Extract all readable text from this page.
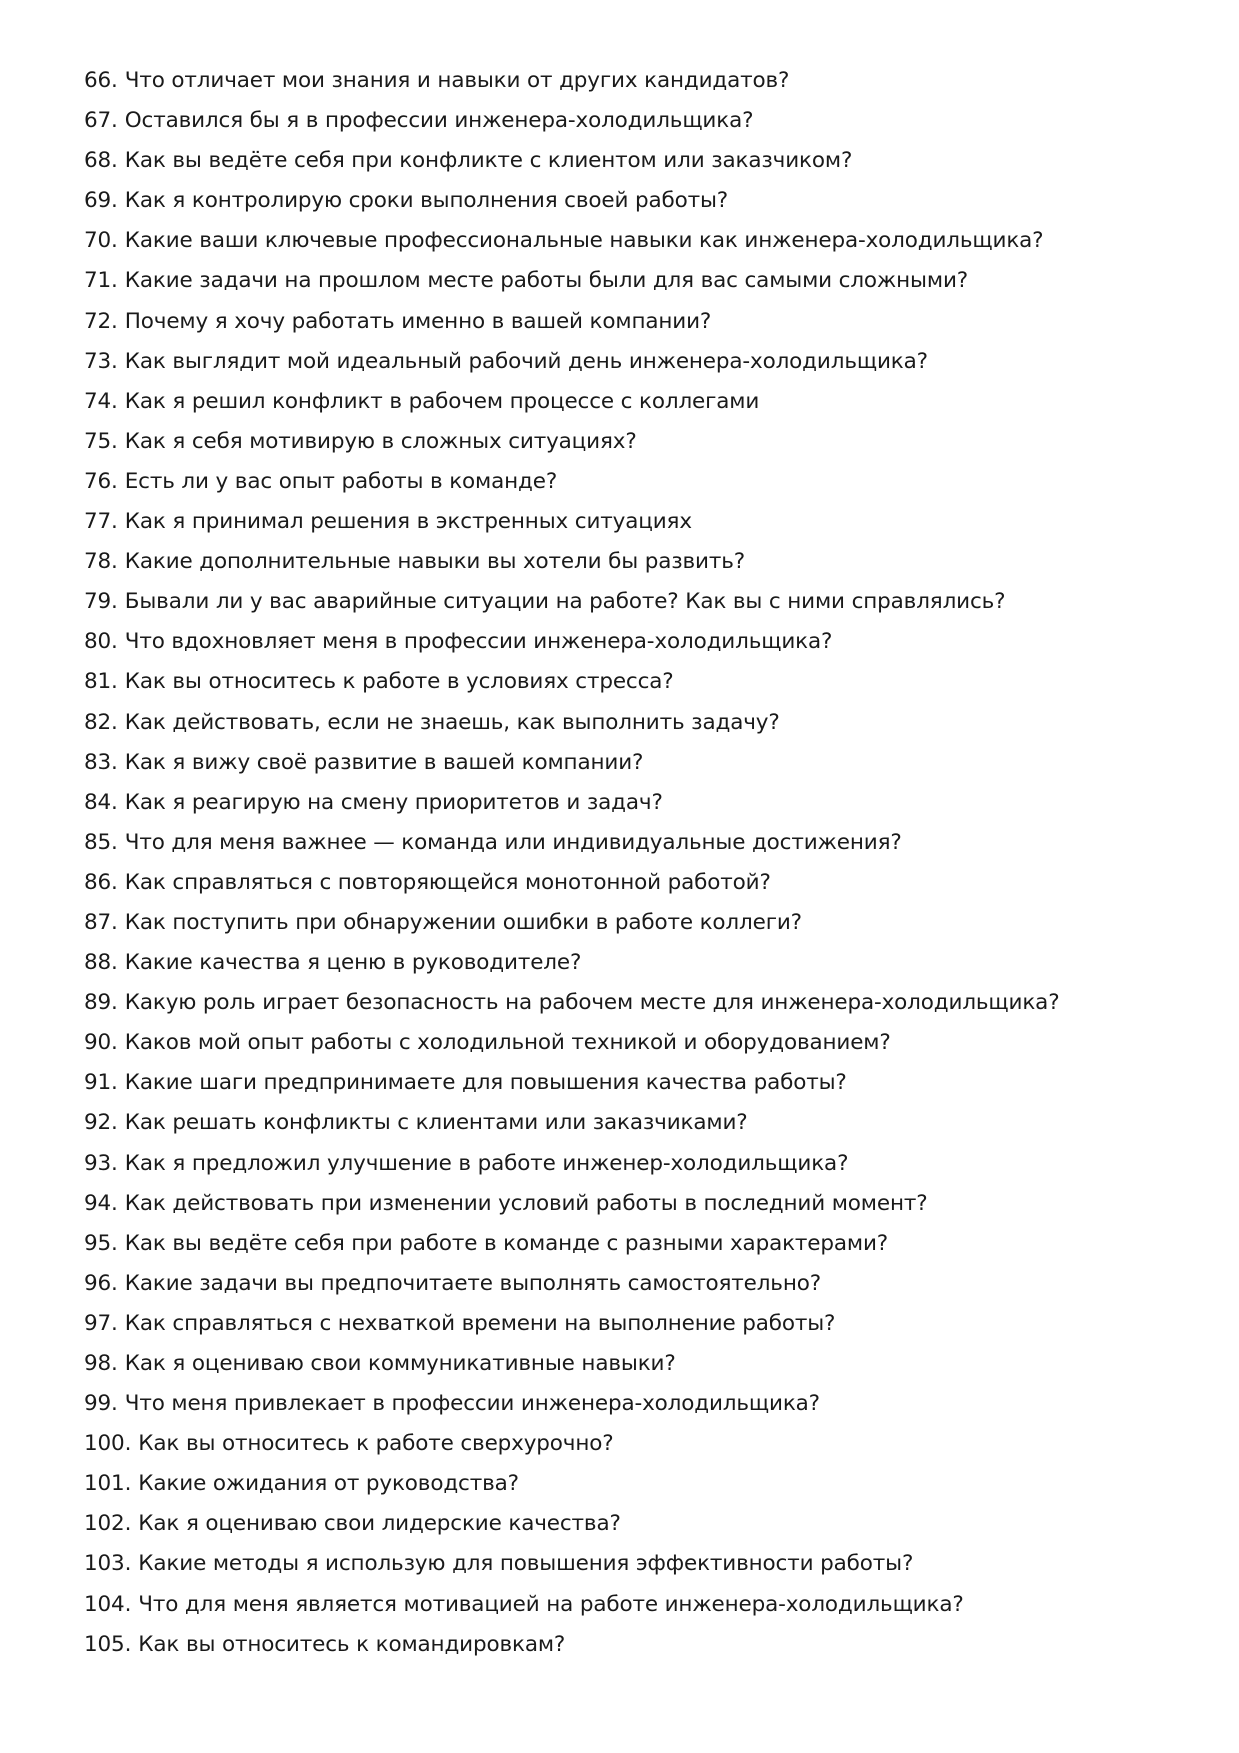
66. Что отличает мои знания и навыки от других кандидатов?
67. Оставился бы я в профессии инженера-холодильщика?
68. Как вы ведёте себя при конфликте с клиентом или заказчиком?
69. Как я контролирую сроки выполнения своей работы?
70. Какие ваши ключевые профессиональные навыки как инженера-холодильщика?
71. Какие задачи на прошлом месте работы были для вас самыми сложными?
72. Почему я хочу работать именно в вашей компании?
73. Как выглядит мой идеальный рабочий день инженера-холодильщика?
74. Как я решил конфликт в рабочем процессе с коллегами
75. Как я себя мотивирую в сложных ситуациях?
76. Есть ли у вас опыт работы в команде?
77. Как я принимал решения в экстренных ситуациях
78. Какие дополнительные навыки вы хотели бы развить?
79. Бывали ли у вас аварийные ситуации на работе? Как вы с ними справлялись?
80. Что вдохновляет меня в профессии инженера-холодильщика?
81. Как вы относитесь к работе в условиях стресса?
82. Как действовать, если не знаешь, как выполнить задачу?
83. Как я вижу своё развитие в вашей компании?
84. Как я реагирую на смену приоритетов и задач?
85. Что для меня важнее — команда или индивидуальные достижения?
86. Как справляться с повторяющейся монотонной работой?
87. Как поступить при обнаружении ошибки в работе коллеги?
88. Какие качества я ценю в руководителе?
89. Какую роль играет безопасность на рабочем месте для инженера-холодильщика?
90. Каков мой опыт работы с холодильной техникой и оборудованием?
91. Какие шаги предпринимаете для повышения качества работы?
92. Как решать конфликты с клиентами или заказчиками?
93. Как я предложил улучшение в работе инженер-холодильщика?
94. Как действовать при изменении условий работы в последний момент?
95. Как вы ведёте себя при работе в команде с разными характерами?
96. Какие задачи вы предпочитаете выполнять самостоятельно?
97. Как справляться с нехваткой времени на выполнение работы?
98. Как я оцениваю свои коммуникативные навыки?
99. Что меня привлекает в профессии инженера-холодильщика?
100. Как вы относитесь к работе сверхурочно?
101. Какие ожидания от руководства?
102. Как я оцениваю свои лидерские качества?
103. Какие методы я использую для повышения эффективности работы?
104. Что для меня является мотивацией на работе инженера-холодильщика?
105. Как вы относитесь к командировкам?
